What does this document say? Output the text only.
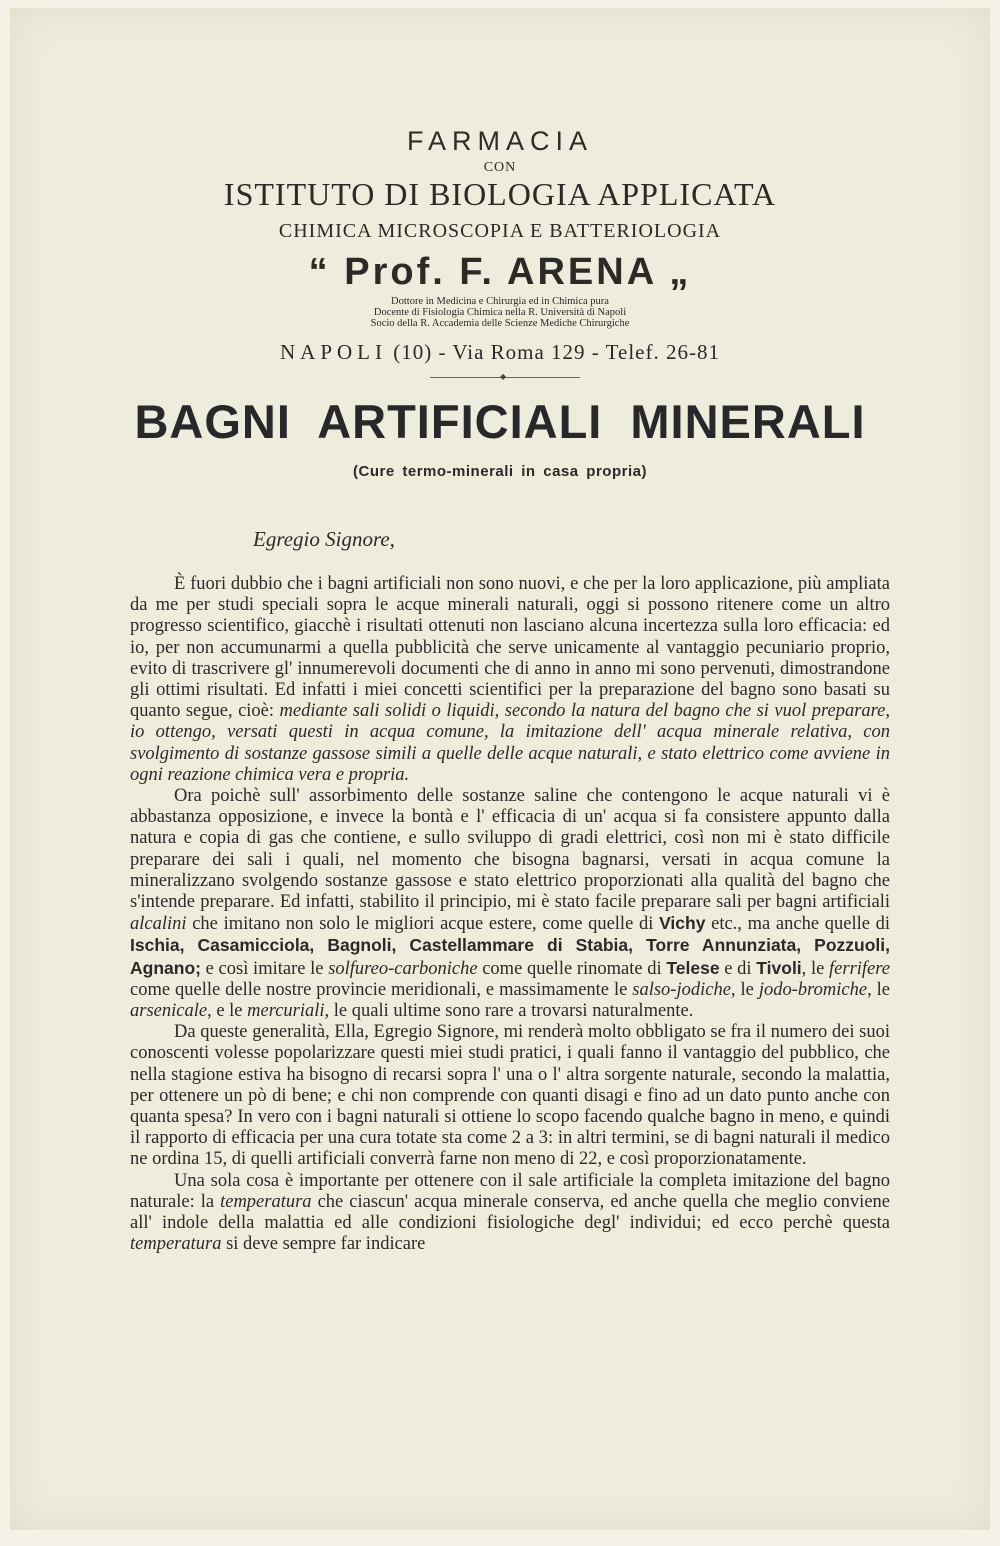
FARMACIA
CON
ISTITUTO DI BIOLOGIA APPLICATA
CHIMICA MICROSCOPIA E BATTERIOLOGIA
“ Prof. F. ARENA „
Dottore in Medicina e Chirurgia ed in Chimica pura
Docente di Fisiologia Chimica nella R. Università di Napoli
Socio della R. Accademia delle Scienze Mediche Chirurgiche
NAPOLI (10) - Via Roma 129 - Telef. 26-81
◆
BAGNI ARTIFICIALI MINERALI
(Cure termo-minerali in casa propria)
Egregio Signore,

È fuori dubbio che i bagni artificiali non sono nuovi, e che per la loro applicazione, più ampliata da me per studi speciali sopra le acque minerali naturali, oggi si possono ritenere come un altro progresso scientifico, giacchè i risultati ottenuti non lasciano alcuna incertezza sulla loro efficacia: ed io, per non accumunarmi a quella pubblicità che serve unicamente al vantaggio pecuniario proprio, evito di trascrivere gl' innumerevoli documenti che di anno in anno mi sono pervenuti, dimostrandone gli ottimi risultati. Ed infatti i miei concetti scientifici per la preparazione del bagno sono basati su quanto segue, cioè: mediante sali solidi o liquidi, secondo la natura del bagno che si vuol preparare, io ottengo, versati questi in acqua comune, la imitazione dell' acqua minerale relativa, con svolgimento di sostanze gassose simili a quelle delle acque naturali, e stato elettrico come avviene in ogni reazione chimica vera e propria.

Ora poichè sull' assorbimento delle sostanze saline che contengono le acque naturali vi è abbastanza opposizione, e invece la bontà e l' efficacia di un' acqua si fa consistere appunto dalla natura e copia di gas che contiene, e sullo sviluppo di gradi elettrici, così non mi è stato difficile preparare dei sali i quali, nel momento che bisogna bagnarsi, versati in acqua comune la mineralizzano svolgendo sostanze gassose e stato elettrico proporzionati alla qualità del bagno che s'intende preparare. Ed infatti, stabilito il principio, mi è stato facile preparare sali per bagni artificiali alcalini che imitano non solo le migliori acque estere, come quelle di Vichy etc., ma anche quelle di Ischia, Casamicciola, Bagnoli, Castellammare di Stabia, Torre Annunziata, Pozzuoli, Agnano; e così imitare le solfureo-carboniche come quelle rinomate di Telese e di Tivoli, le ferrifere come quelle delle nostre provincie meridionali, e massimamente le salso-jodiche, le jodo-bromiche, le arsenicale, e le mercuriali, le quali ultime sono rare a trovarsi naturalmente.

Da queste generalità, Ella, Egregio Signore, mi renderà molto obbligato se fra il numero dei suoi conoscenti volesse popolarizzare questi miei studi pratici, i quali fanno il vantaggio del pubblico, che nella stagione estiva ha bisogno di recarsi sopra l' una o l' altra sorgente naturale, secondo la malattia, per ottenere un pò di bene; e chi non comprende con quanti disagi e fino ad un dato punto anche con quanta spesa? In vero con i bagni naturali si ottiene lo scopo facendo qualche bagno in meno, e quindi il rapporto di efficacia per una cura totate sta come 2 a 3: in altri termini, se di bagni naturali il medico ne ordina 15, di quelli artificiali converrà farne non meno di 22, e così proporzionatamente.

Una sola cosa è importante per ottenere con il sale artificiale la completa imitazione del bagno naturale: la temperatura che ciascun' acqua minerale conserva, ed anche quella che meglio conviene all' indole della malattia ed alle condizioni fisiologiche degl' individui; ed ecco perchè questa temperatura si deve sempre far indicare
